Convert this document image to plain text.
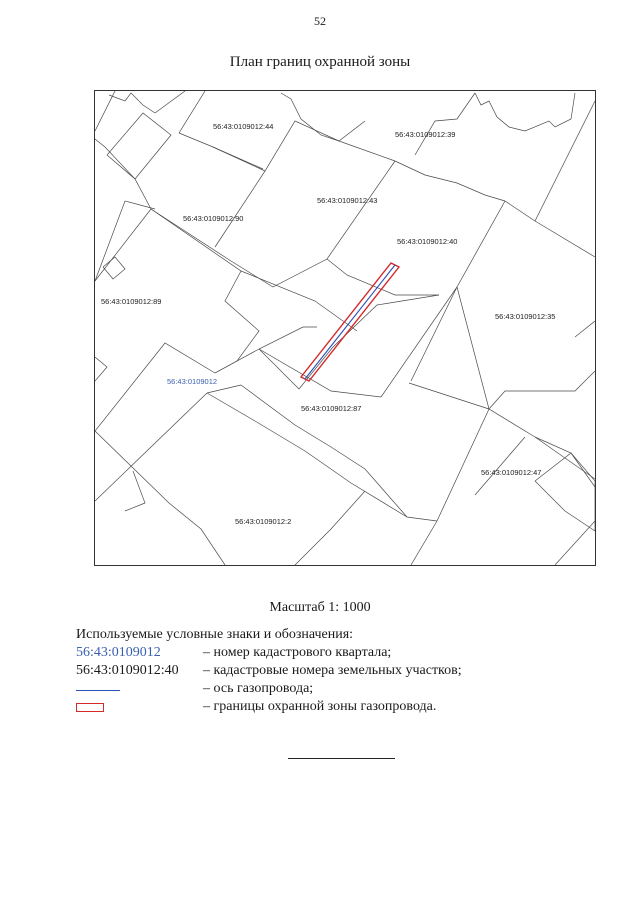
52
План границ охранной зоны
56:43:0109012:44
56:43:0109012:39
56:43:0109012:43
56:43:0109012:90
56:43:0109012:40
56:43:0109012:89
56:43:0109012:35
56:43:0109012:87
56:43:0109012:47
56:43:0109012:2
56:43:0109012
Масштаб 1: 1000
Используемые условные знаки и обозначения:
56:43:0109012	– номер кадастрового квартала;
56:43:0109012:40	– кадастровые номера земельных участков;
– ось газопровода;
– границы охранной зоны газопровода.
